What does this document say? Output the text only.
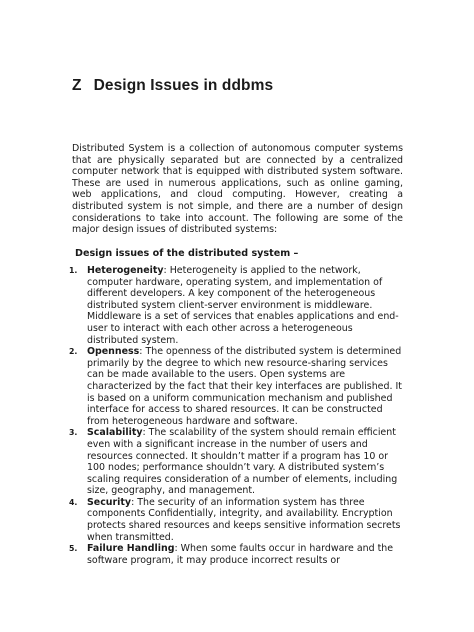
Z Design Issues in ddbms

Distributed System is a collection of autonomous computer systems that are physically separated but are connected by a centralized computer network that is equipped with distributed system software. These are used in numerous applications, such as online gaming, web applications, and cloud computing. However, creating a distributed system is not simple, and there are a number of design considerations to take into account. The following are some of the major design issues of distributed systems:

Design issues of the distributed system –

1. Heterogeneity: Heterogeneity is applied to the network, computer hardware, operating system, and implementation of different developers. A key component of the heterogeneous distributed system client-server environment is middleware. Middleware is a set of services that enables applications and end-user to interact with each other across a heterogeneous distributed system.
2. Openness: The openness of the distributed system is determined primarily by the degree to which new resource-sharing services can be made available to the users. Open systems are characterized by the fact that their key interfaces are published. It is based on a uniform communication mechanism and published interface for access to shared resources. It can be constructed from heterogeneous hardware and software.
3. Scalability: The scalability of the system should remain efficient even with a significant increase in the number of users and resources connected. It shouldn’t matter if a program has 10 or 100 nodes; performance shouldn’t vary. A distributed system’s scaling requires consideration of a number of elements, including size, geography, and management.
4. Security: The security of an information system has three components Confidentially, integrity, and availability. Encryption protects shared resources and keeps sensitive information secrets when transmitted.
5. Failure Handling: When some faults occur in hardware and the software program, it may produce incorrect results or
